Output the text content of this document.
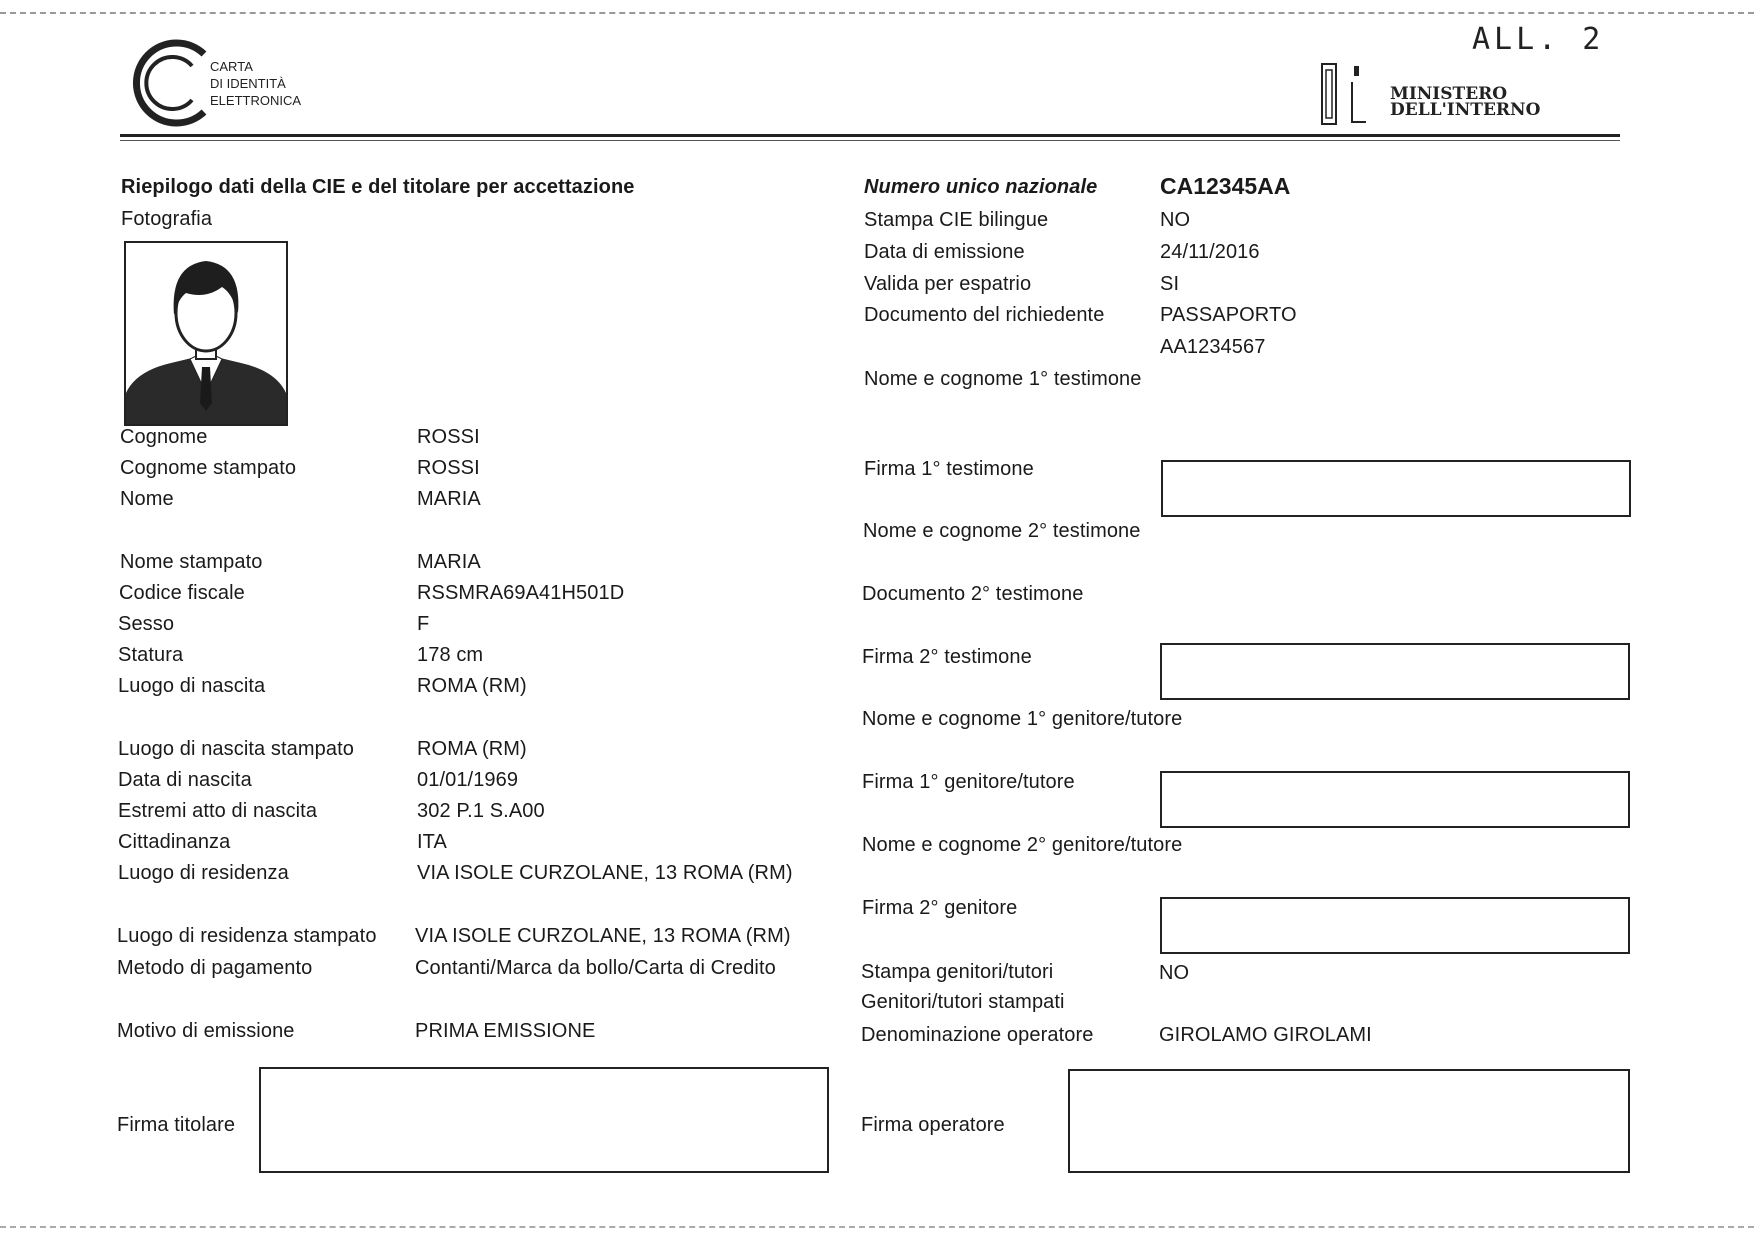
ALL. 2
CARTA
DI IDENTITÀ
ELETTRONICA	MINISTERO
DELL'INTERNO
Riepilogo dati della CIE e del titolare per accettazione
Fotografia
Cognome	ROSSI
Cognome stampato	ROSSI
Nome	MARIA
Nome stampato	MARIA
Codice fiscale	RSSMRA69A41H501D
Sesso	F
Statura	178 cm
Luogo di nascita	ROMA (RM)
Luogo di nascita stampato	ROMA (RM)
Data di nascita	01/01/1969
Estremi atto di nascita	302 P.1 S.A00
Cittadinanza	ITA
Luogo di residenza	VIA ISOLE CURZOLANE, 13 ROMA (RM)
Luogo di residenza stampato VIA ISOLE CURZOLANE, 13 ROMA (RM)
Metodo di pagamento	Contanti/Marca da bollo/Carta di Credito
Motivo di emissione	PRIMA EMISSIONE
Firma titolare
Numero unico nazionale	CA12345AA
Stampa CIE bilingue	NO
Data di emissione	24/11/2016
Valida per espatrio	SI
Documento del richiedente	PASSAPORTO
AA1234567
Nome e cognome 1° testimone
Firma 1° testimone
Nome e cognome 2° testimone
Documento 2° testimone
Firma 2° testimone
Nome e cognome 1° genitore/tutore
Firma 1° genitore/tutore
Nome e cognome 2° genitore/tutore
Firma 2° genitore
Stampa genitori/tutori	NO
Genitori/tutori stampati
Denominazione operatore	GIROLAMO GIROLAMI
Firma operatore
